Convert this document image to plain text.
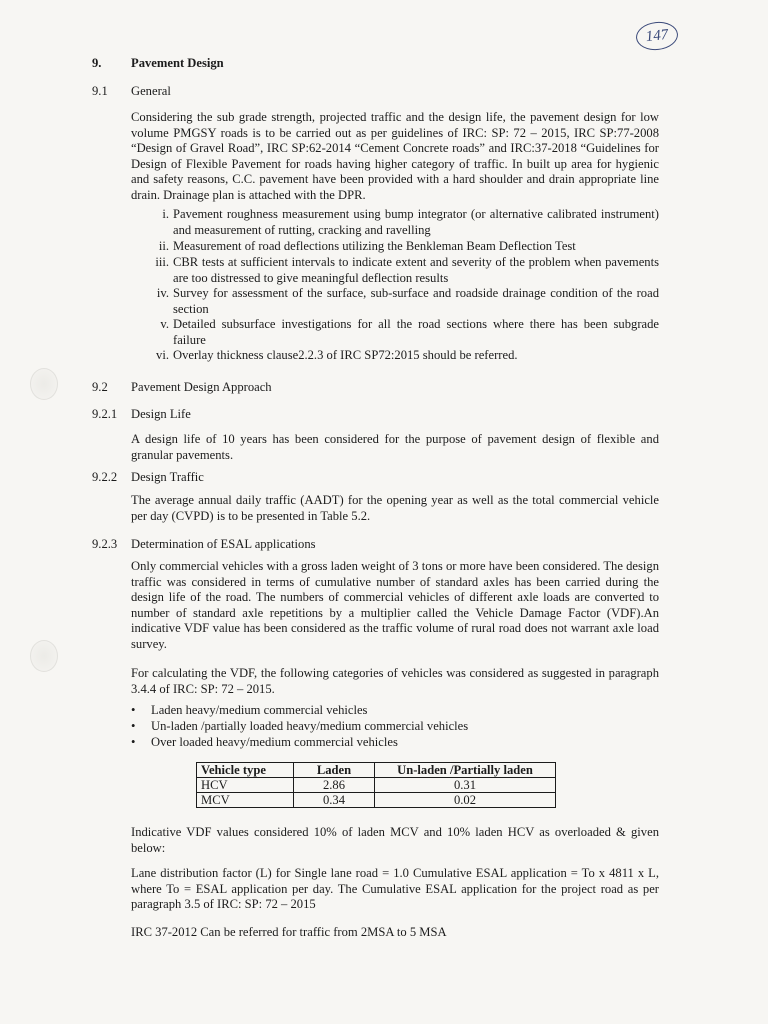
147
9. Pavement Design
9.1 General
Considering the sub grade strength, projected traffic and the design life, the pavement design for low volume PMGSY roads is to be carried out as per guidelines of IRC: SP: 72 – 2015, IRC SP:77-2008 “Design of Gravel Road”, IRC SP:62-2014 “Cement Concrete roads” and IRC:37-2018 “Guidelines for Design of Flexible Pavement for roads having higher category of traffic. In built up area for hygienic and safety reasons, C.C. pavement have been provided with a hard shoulder and drain appropriate line drain. Drainage plan is attached with the DPR.
i. Pavement roughness measurement using bump integrator (or alternative calibrated instrument) and measurement of rutting, cracking and ravelling
ii. Measurement of road deflections utilizing the Benkleman Beam Deflection Test
iii. CBR tests at sufficient intervals to indicate extent and severity of the problem when pavements are too distressed to give meaningful deflection results
iv. Survey for assessment of the surface, sub-surface and roadside drainage condition of the road section
v. Detailed subsurface investigations for all the road sections where there has been subgrade failure
vi. Overlay thickness clause2.2.3 of IRC SP72:2015 should be referred.
9.2 Pavement Design Approach
9.2.1 Design Life
A design life of 10 years has been considered for the purpose of pavement design of flexible and granular pavements.
9.2.2 Design Traffic
The average annual daily traffic (AADT) for the opening year as well as the total commercial vehicle per day (CVPD) is to be presented in Table 5.2.
9.2.3 Determination of ESAL applications
Only commercial vehicles with a gross laden weight of 3 tons or more have been considered. The design traffic was considered in terms of cumulative number of standard axles has been carried during the design life of the road. The numbers of commercial vehicles of different axle loads are converted to number of standard axle repetitions by a multiplier called the Vehicle Damage Factor (VDF).An indicative VDF value has been considered as the traffic volume of rural road does not warrant axle load survey.
For calculating the VDF, the following categories of vehicles was considered as suggested in paragraph 3.4.4 of IRC: SP: 72 – 2015.
• Laden heavy/medium commercial vehicles
• Un-laden /partially loaded heavy/medium commercial vehicles
• Over loaded heavy/medium commercial vehicles
Vehicle type	Laden	Un-laden /Partially laden
HCV	2.86	0.31
MCV	0.34	0.02
Indicative VDF values considered 10% of laden MCV and 10% laden HCV as overloaded & given below:
Lane distribution factor (L) for Single lane road = 1.0 Cumulative ESAL application = To x 4811 x L, where To = ESAL application per day. The Cumulative ESAL application for the project road as per paragraph 3.5 of IRC: SP: 72 – 2015
IRC 37-2012 Can be referred for traffic from 2MSA to 5 MSA
